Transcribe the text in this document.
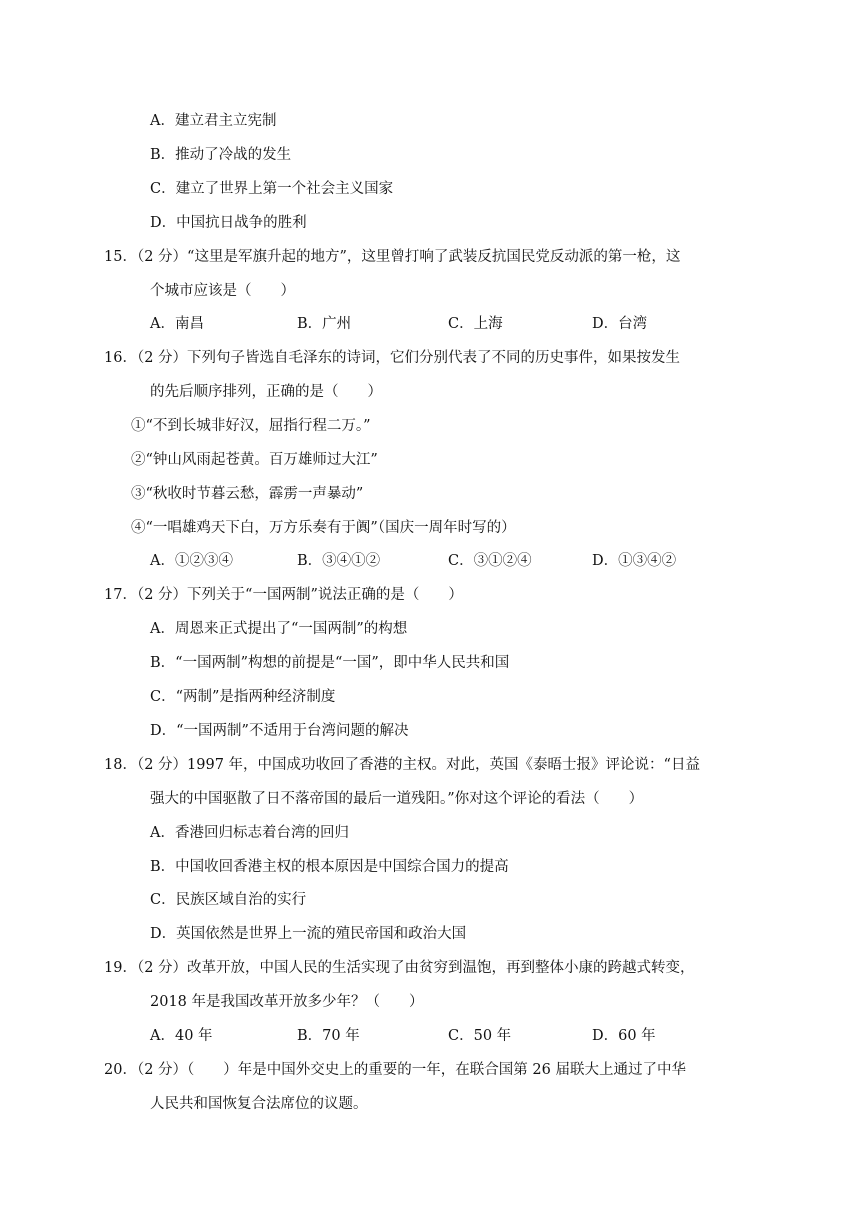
A．建立君主立宪制
B．推动了冷战的发生
C．建立了世界上第一个社会主义国家
D．中国抗日战争的胜利
15．（2 分）“这里是军旗升起的地方”，这里曾打响了武装反抗国民党反动派的第一枪，这
个城市应该是（　　）
A．南昌	B．广州	C．上海	D．台湾
16．（2 分）下列句子皆选自毛泽东的诗词，它们分别代表了不同的历史事件，如果按发生
的先后顺序排列，正确的是（　　）
①“不到长城非好汉，屈指行程二万。”
②“钟山风雨起苍黄。百万雄师过大江”
③“秋收时节暮云愁，霹雳一声暴动”
④“一唱雄鸡天下白，万方乐奏有于阗”（国庆一周年时写的）
A．①②③④	B．③④①②	C．③①②④	D．①③④②
17．（2 分）下列关于“一国两制”说法正确的是（　　）
A．周恩来正式提出了“一国两制”的构想
B．“一国两制”构想的前提是“一国”，即中华人民共和国
C．“两制”是指两种经济制度
D．“一国两制”不适用于台湾问题的解决
18．（2 分）1997 年，中国成功收回了香港的主权。对此，英国《泰晤士报》评论说：“日益
强大的中国驱散了日不落帝国的最后一道残阳。”你对这个评论的看法（　　）
A．香港回归标志着台湾的回归
B．中国收回香港主权的根本原因是中国综合国力的提高
C．民族区域自治的实行
D．英国依然是世界上一流的殖民帝国和政治大国
19．（2 分）改革开放，中国人民的生活实现了由贫穷到温饱，再到整体小康的跨越式转变，
2018 年是我国改革开放多少年？（　　）
A．40 年	B．70 年	C．50 年	D．60 年
20．（2 分）（　　）年是中国外交史上的重要的一年，在联合国第 26 届联大上通过了中华
人民共和国恢复合法席位的议题。
